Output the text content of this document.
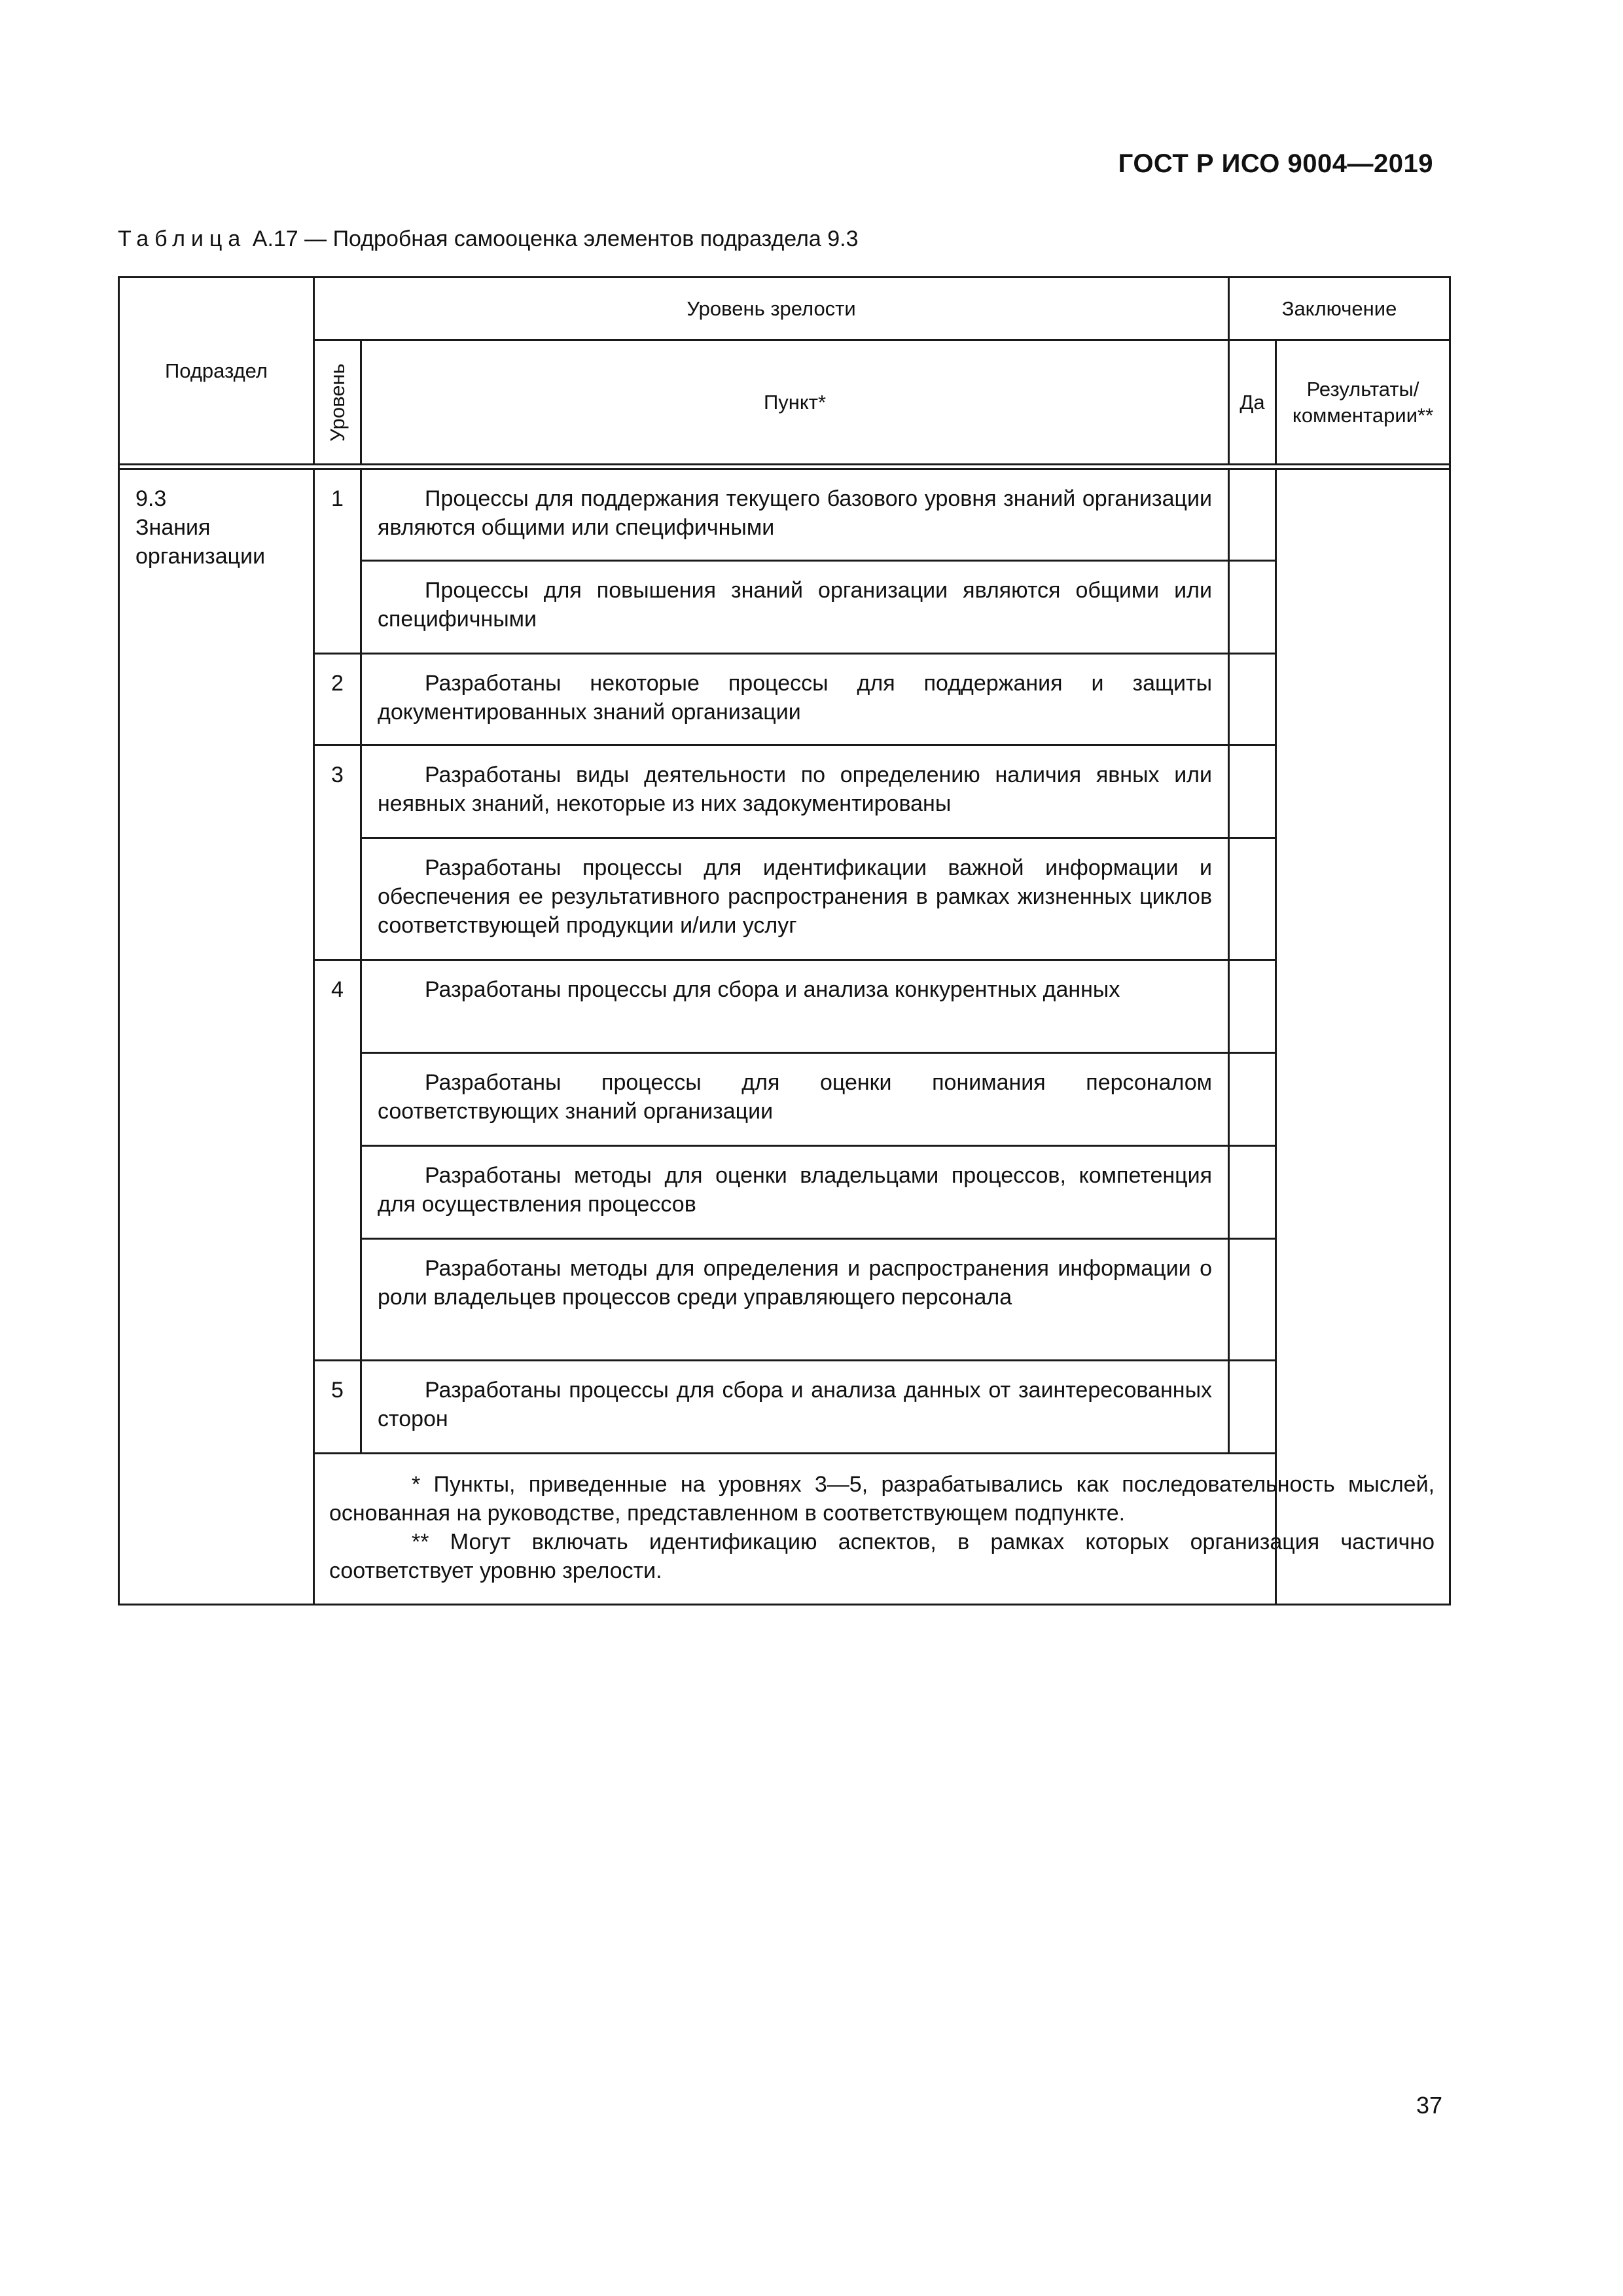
ГОСТ Р ИСО 9004—2019
Таблица А.17 — Подробная самооценка элементов подраздела 9.3
Подраздел	Уровень зрелости		Заключение	

	Уровень	Пункт*	Да	Результаты/
комментарии**

9.3
Знания
организации	1	Процессы для поддержания текущего базового уровня знаний организации являются общими или специфичными		

		Процессы для повышения знаний организации являются общими или специфичными		

	2	Разработаны некоторые процессы для поддержания и защиты документированных знаний организации		

	3	Разработаны виды деятельности по определению наличия явных или неявных знаний, некоторые из них задокументированы		

		Разработаны процессы для идентификации важной информации и обеспечения ее результативного распространения в рамках жизненных циклов соответствующей продукции и/или услуг		

	4	Разработаны процессы для сбора и анализа конкурентных данных		

		Разработаны процессы для оценки понимания персоналом соответствующих знаний организации		

		Разработаны методы для оценки владельцами процессов, компетенция для осуществления процессов		

		Разработаны методы для определения и распространения информации о роли владельцев процессов среди управляющего персонала		

	5	Разработаны процессы для сбора и анализа данных от заинтересованных сторон		

	* Пункты, приведенные на уровнях 3—5, разрабатывались как последовательность мыслей, основанная на руководстве, представленном в соответствующем подпункте.

** Могут включать идентификацию аспектов, в рамках которых организация частично соответствует уровню зрелости.			

37
